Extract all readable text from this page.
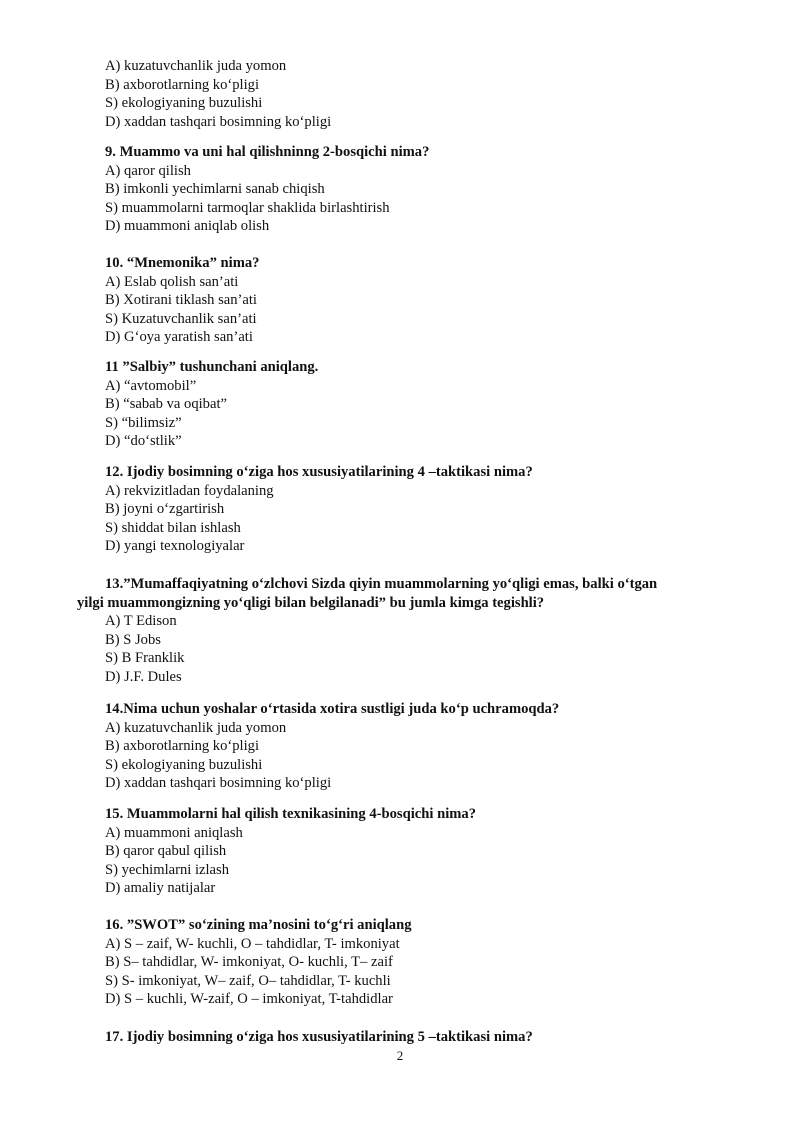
A) kuzatuvchanlik juda yomon
B) axborotlarning ko‘pligi
S) ekologiyaning buzulishi
D) xaddan tashqari bosimning ko‘pligi
9. Muammo va uni hal qilishninng 2-bosqichi nima?
A) qaror qilish
B) imkonli yechimlarni sanab chiqish
S) muammolarni tarmoqlar shaklida birlashtirish
D) muammoni aniqlab olish
10. “Mnemonika” nima?
A) Eslab qolish san’ati
B) Xotirani tiklash san’ati
S) Kuzatuvchanlik san’ati
D) G‘oya yaratish san’ati
11 ”Salbiy” tushunchani aniqlang.
A) “avtomobil”
B) “sabab va oqibat”
S) “bilimsiz”
D) “do‘stlik”
12. Ijodiy bosimning o‘ziga hos xususiyatilarining 4 –taktikasi nima?
A) rekvizitladan foydalaning
B) joyni o‘zgartirish
S) shiddat bilan ishlash
D) yangi texnologiyalar
13.”Mumaffaqiyatning o‘zlchovi Sizda qiyin muammolarning yo‘qligi emas, balki o‘tgan
yilgi muammongizning yo‘qligi bilan belgilanadi” bu jumla kimga tegishli?
A) T Edison
B) S Jobs
S) B Franklik
D) J.F. Dules
14.Nima uchun yoshalar o‘rtasida xotira sustligi juda ko‘p uchramoqda?
A) kuzatuvchanlik juda yomon
B) axborotlarning ko‘pligi
S) ekologiyaning buzulishi
D) xaddan tashqari bosimning ko‘pligi
15. Muammolarni hal qilish texnikasining 4-bosqichi nima?
A) muammoni aniqlash
B) qaror qabul qilish
S) yechimlarni izlash
D) amaliy natijalar
16. ”SWOT” so‘zining ma’nosini to‘g‘ri aniqlang
A) S – zaif, W- kuchli, O – tahdidlar, T- imkoniyat
B) S– tahdidlar, W- imkoniyat, O- kuchli, T– zaif
S) S- imkoniyat, W– zaif, O– tahdidlar, T- kuchli
D) S – kuchli, W-zaif, O – imkoniyat, T-tahdidlar
17. Ijodiy bosimning o‘ziga hos xususiyatilarining 5 –taktikasi nima?
2
